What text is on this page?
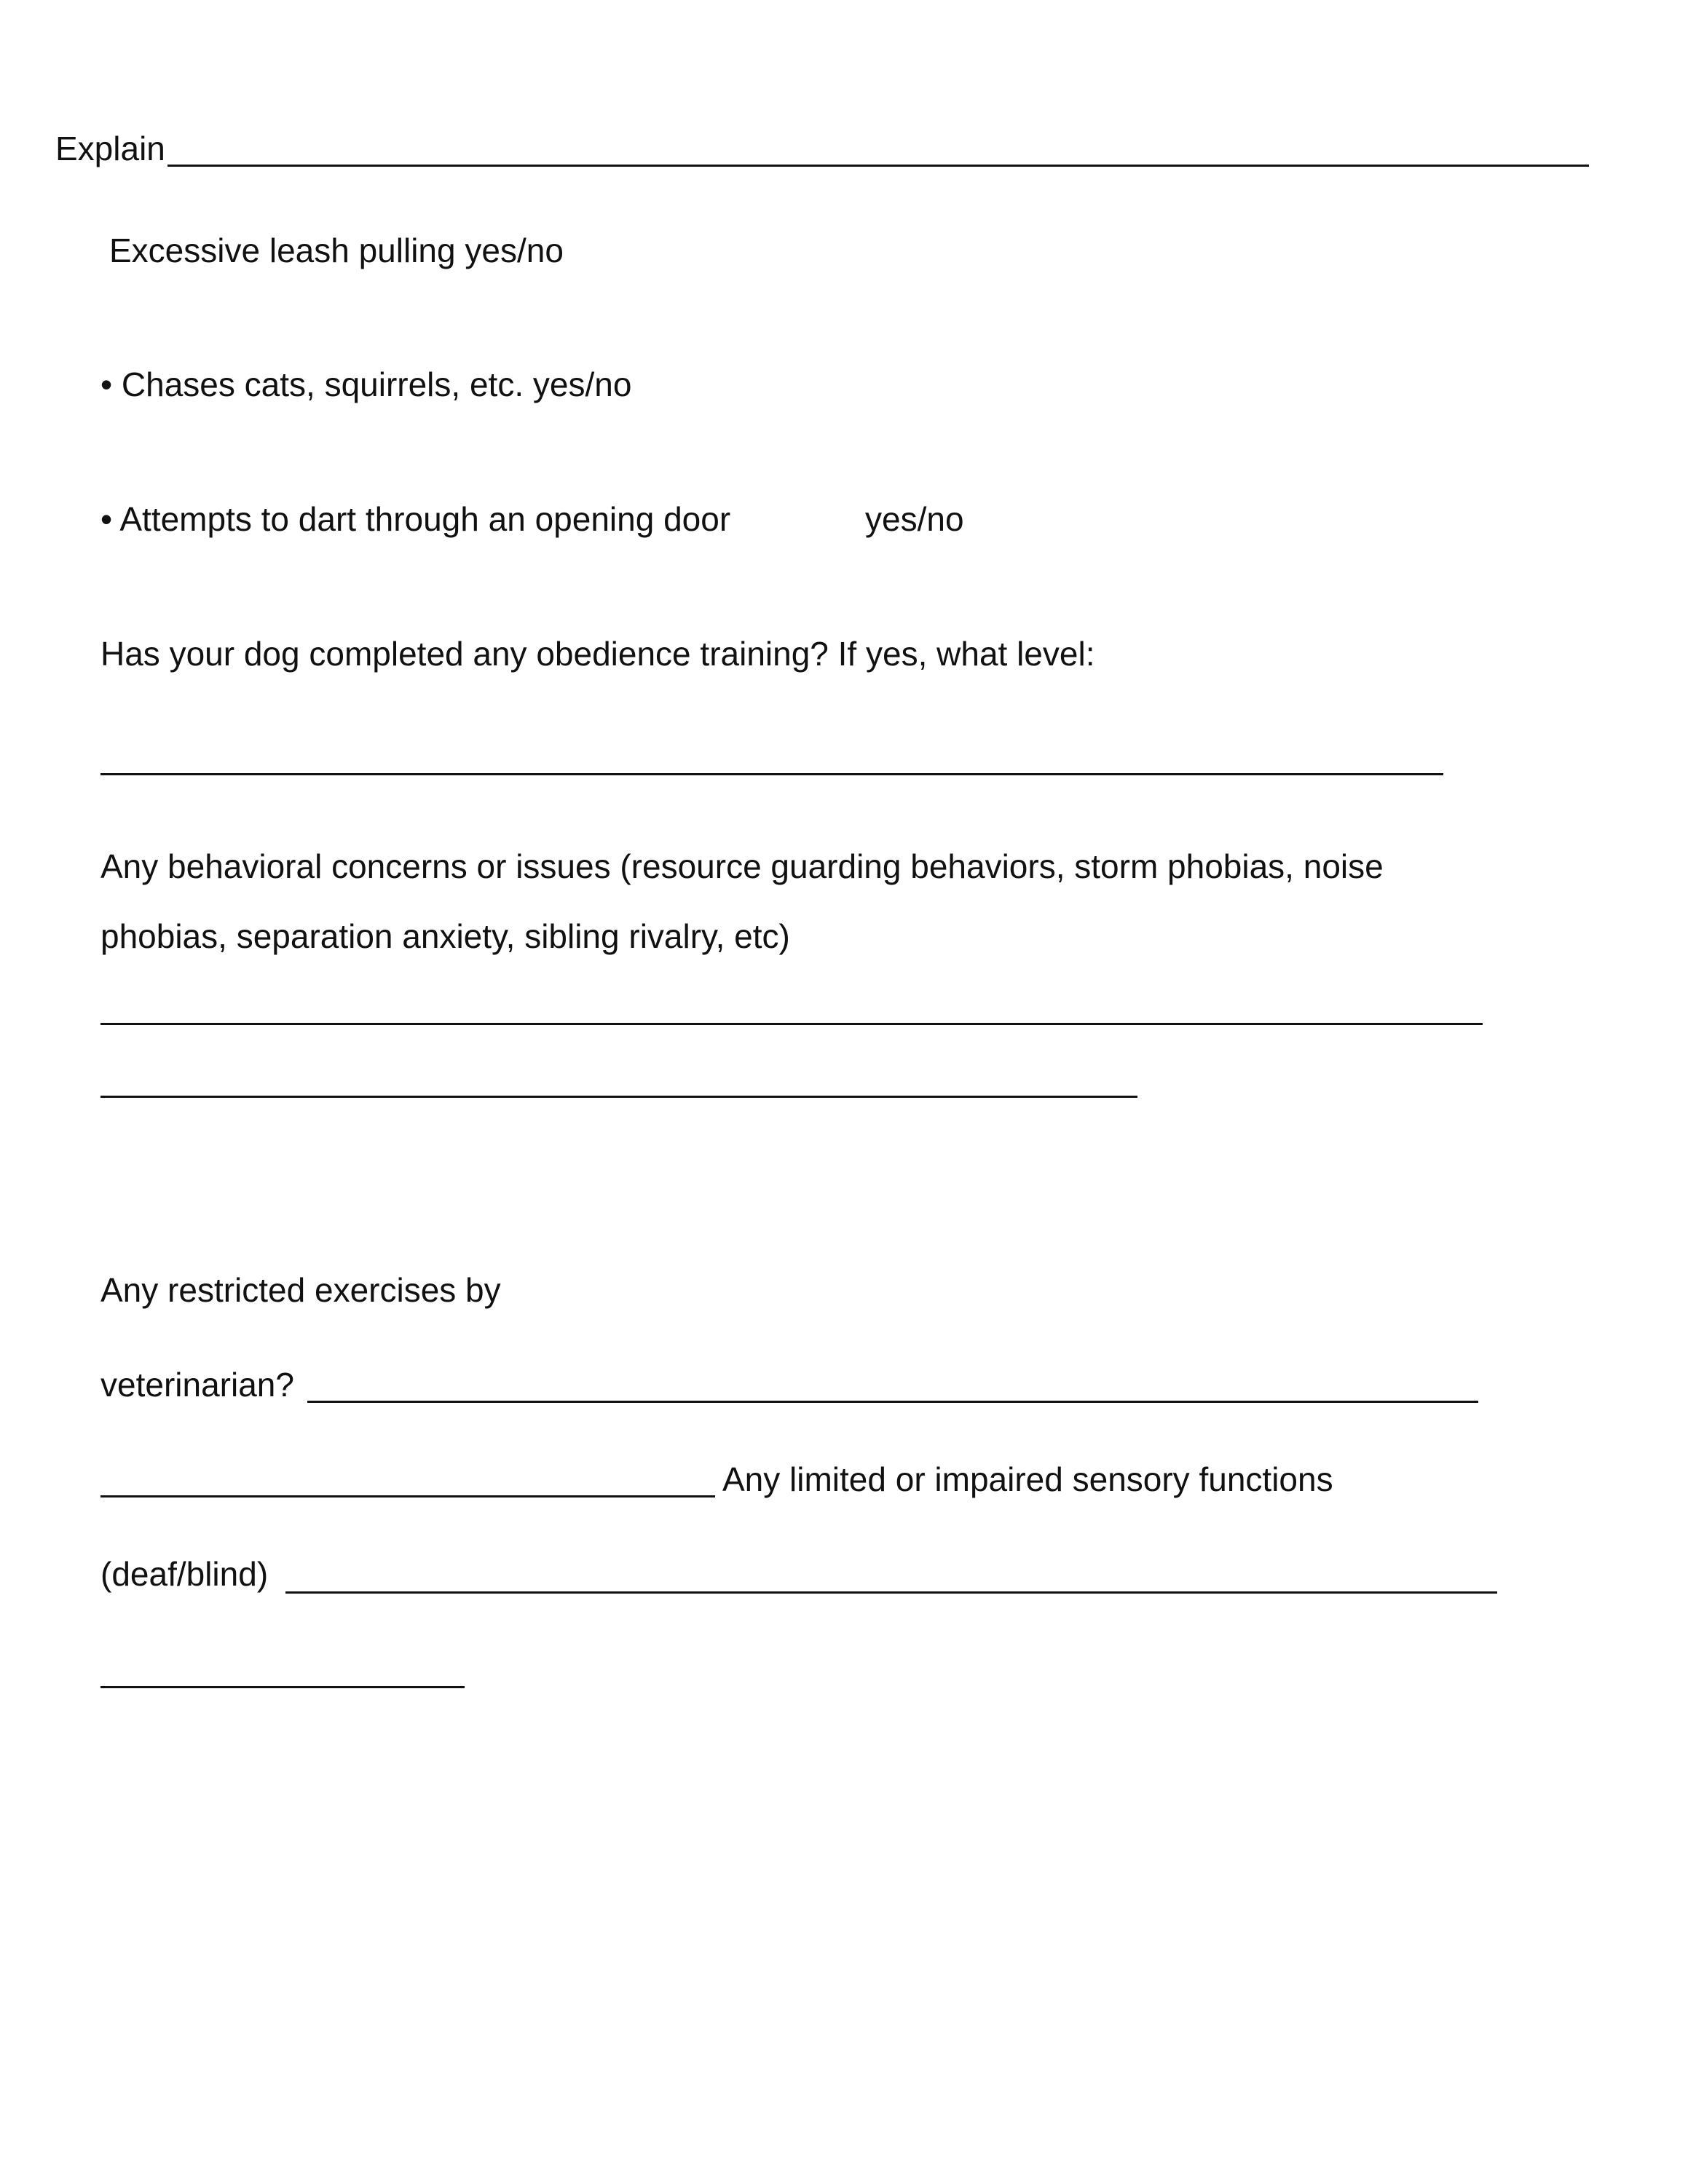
Explain
Excessive leash pulling yes/no
• Chases cats, squirrels, etc. yes/no
• Attempts to dart through an opening door	yes/no
Has your dog completed any obedience training? If yes, what level:
Any behavioral concerns or issues (resource guarding behaviors, storm phobias, noise
phobias, separation anxiety, sibling rivalry, etc)
Any restricted exercises by
veterinarian?
Any limited or impaired sensory functions
(deaf/blind)
